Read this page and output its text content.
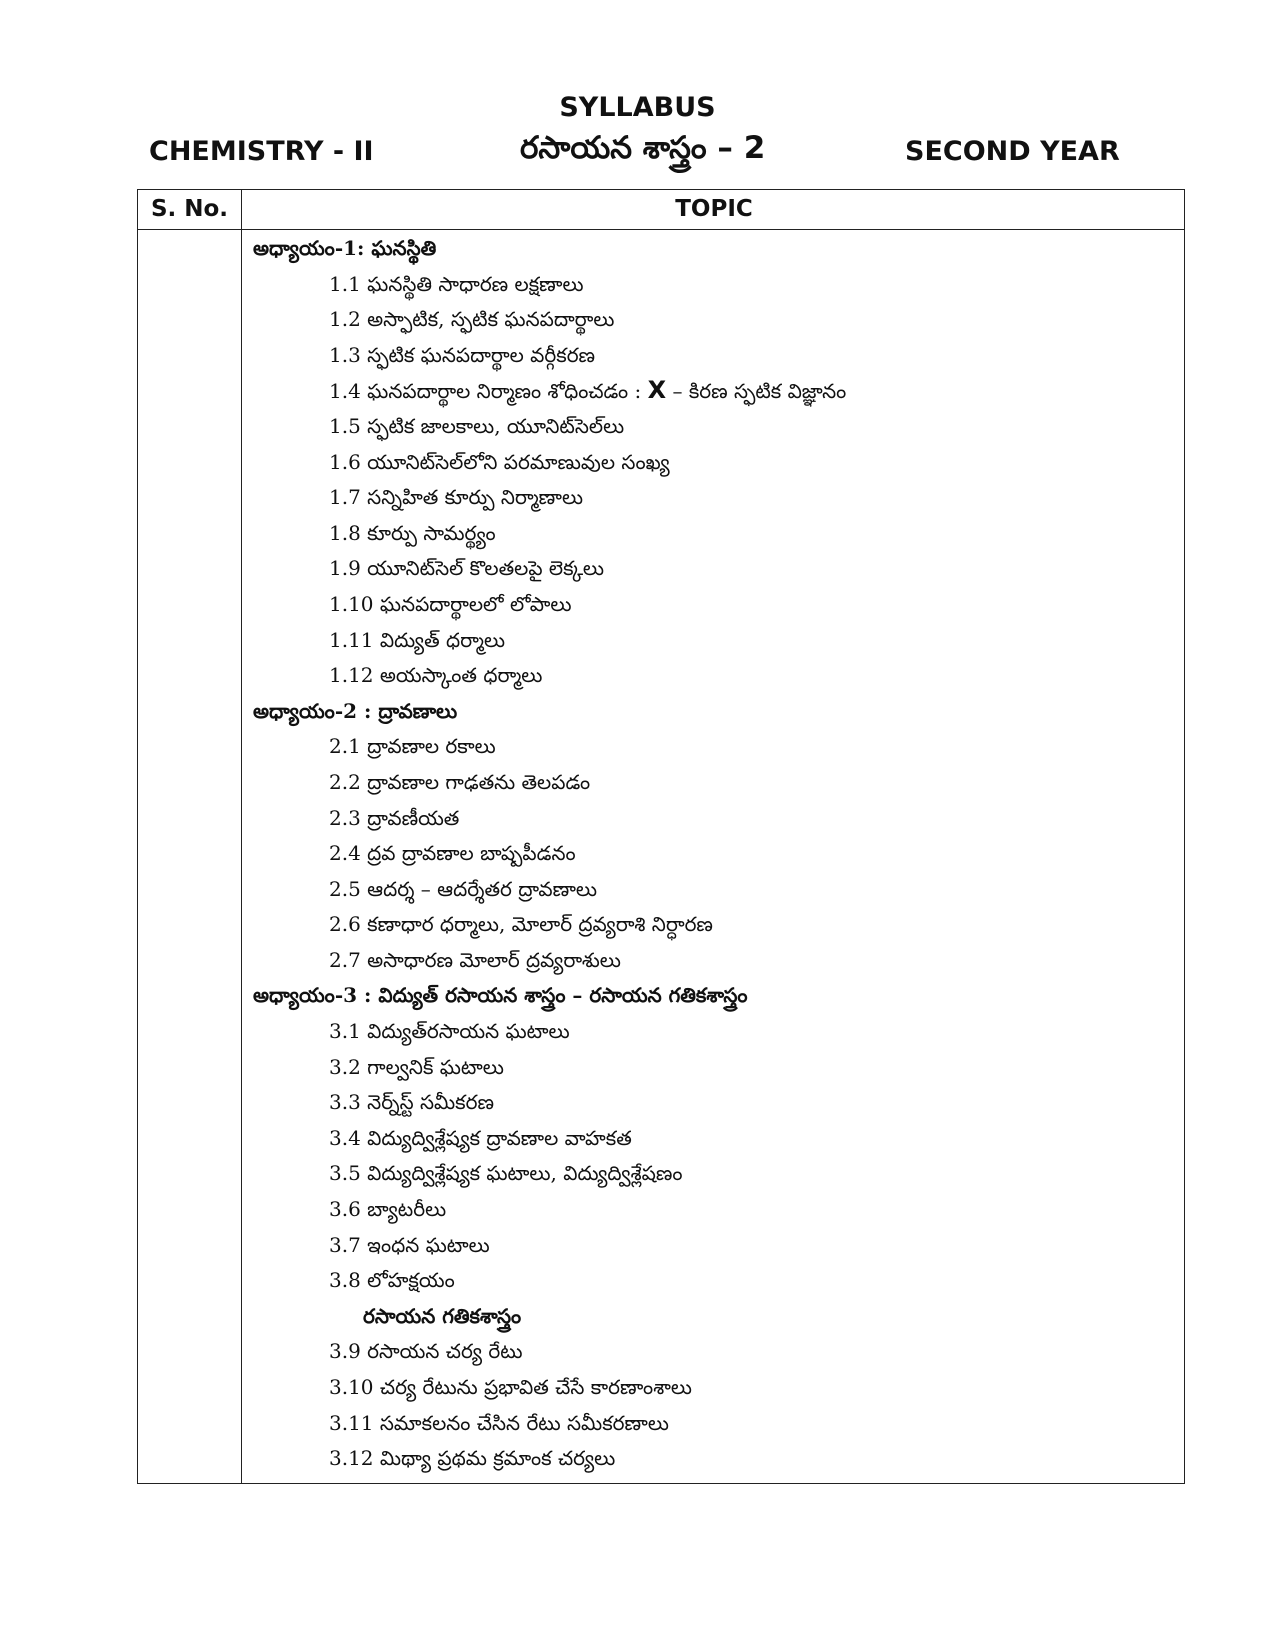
SYLLABUS
CHEMISTRY - II	రసాయన శాస్త్రం – 2	SECOND YEAR
S. No.	TOPIC
అధ్యాయం-1: ఘనస్థితి
1.1 ఘనస్థితి సాధారణ లక్షణాలు
1.2 అస్ఫాటిక, స్ఫటిక ఘనపదార్థాలు
1.3 స్ఫటిక ఘనపదార్థాల వర్గీకరణ
1.4 ఘనపదార్థాల నిర్మాణం శోధించడం : X – కిరణ స్ఫటిక విజ్ఞానం
1.5 స్ఫటిక జాలకాలు, యూనిట్‌సెల్‌లు
1.6 యూనిట్‌సెల్‌లోని పరమాణువుల సంఖ్య
1.7 సన్నిహిత కూర్పు నిర్మాణాలు
1.8 కూర్పు సామర్థ్యం
1.9 యూనిట్‌సెల్ కొలతలపై లెక్కలు
1.10 ఘనపదార్థాలలో లోపాలు
1.11 విద్యుత్ ధర్మాలు
1.12 అయస్కాంత ధర్మాలు
అధ్యాయం-2 : ద్రావణాలు
2.1 ద్రావణాల రకాలు
2.2 ద్రావణాల గాఢతను తెలపడం
2.3 ద్రావణీయత
2.4 ద్రవ ద్రావణాల బాష్పపీడనం
2.5 ఆదర్శ – ఆదర్శేతర ద్రావణాలు
2.6 కణాధార ధర్మాలు, మోలార్ ద్రవ్యరాశి నిర్ధారణ
2.7 అసాధారణ మోలార్ ద్రవ్యరాశులు
అధ్యాయం-3 : విద్యుత్ రసాయన శాస్త్రం – రసాయన గతికశాస్త్రం
3.1 విద్యుత్‌రసాయన ఘటాలు
3.2 గాల్వనిక్ ఘటాలు
3.3 నెర్న్‌స్ట్ సమీకరణ
3.4 విద్యుద్విశ్లేష్యక ద్రావణాల వాహకత
3.5 విద్యుద్విశ్లేష్యక ఘటాలు, విద్యుద్విశ్లేషణం
3.6 బ్యాటరీలు
3.7 ఇంధన ఘటాలు
3.8 లోహక్షయం
రసాయన గతికశాస్త్రం
3.9 రసాయన చర్య రేటు
3.10 చర్య రేటును ప్రభావిత చేసే కారణాంశాలు
3.11 సమాకలనం చేసిన రేటు సమీకరణాలు
3.12 మిథ్యా ప్రథమ క్రమాంక చర్యలు
